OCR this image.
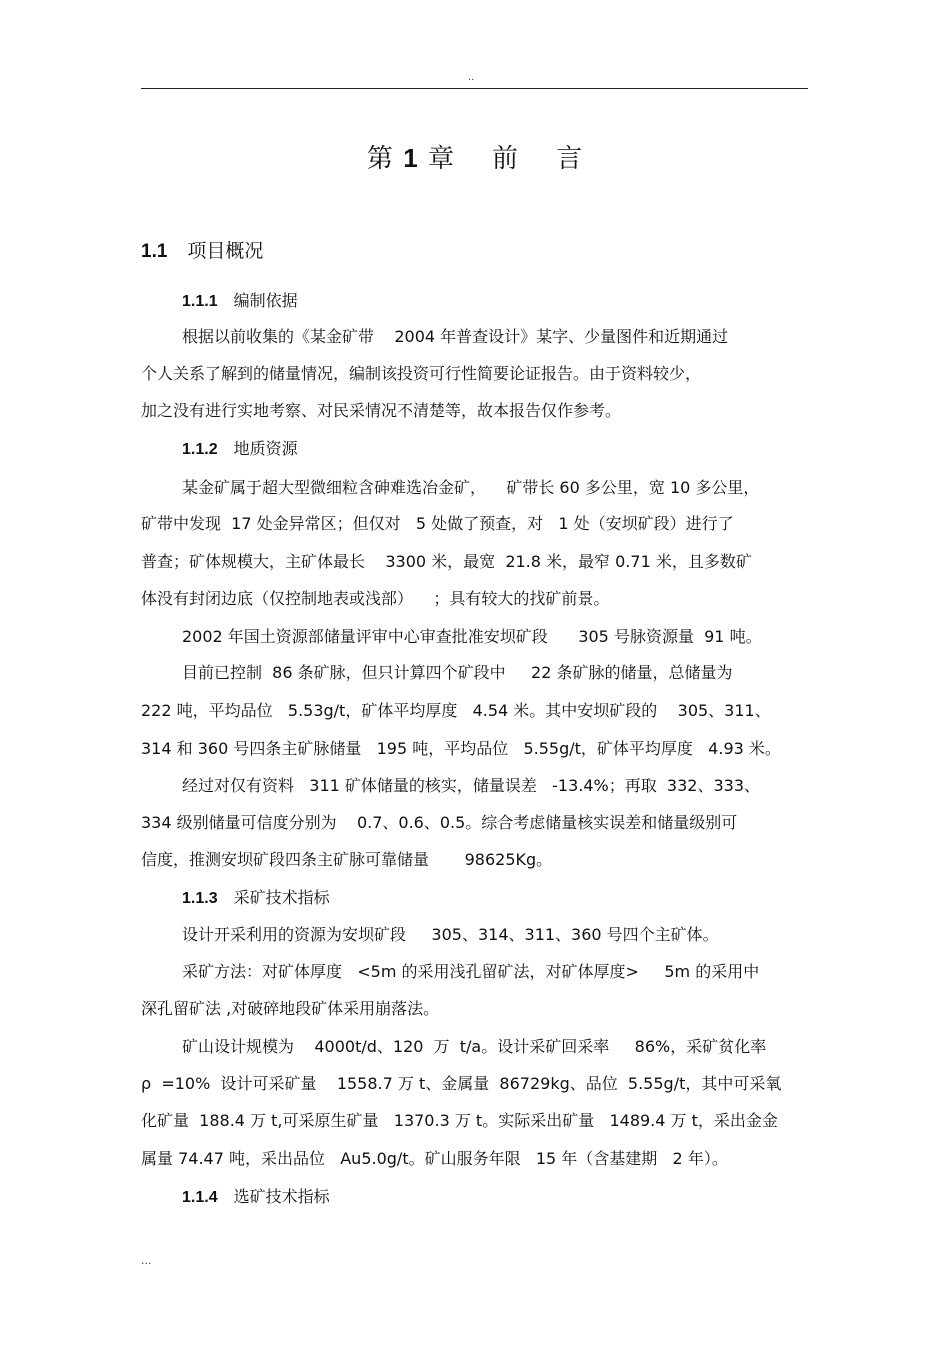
..
第 1 章 前    言
1.1 项目概况
1.1.1 编制依据
根据以前收集的《某金矿带    2004 年普查设计》某字、少量图件和近期通过
个人关系了解到的储量情况，编制该投资可行性简要论证报告。由于资料较少，
加之没有进行实地考察、对民采情况不清楚等，故本报告仅作参考。
1.1.2 地质资源
某金矿属于超大型微细粒含砷难选冶金矿，    矿带长 60 多公里，宽 10 多公里，
矿带中发现  17 处金异常区；但仅对   5 处做了预查，对   1 处（安坝矿段）进行了
普查；矿体规模大，主矿体最长    3300 米，最宽  21.8 米，最窄 0.71 米，且多数矿
体没有封闭边底（仅控制地表或浅部）    ；具有较大的找矿前景。
2002 年国土资源部储量评审中心审查批准安坝矿段      305 号脉资源量  91 吨。
目前已控制  86 条矿脉，但只计算四个矿段中     22 条矿脉的储量，总储量为
222 吨，平均品位   5.53g/t，矿体平均厚度   4.54 米。其中安坝矿段的    305、311、
314 和 360 号四条主矿脉储量   195 吨，平均品位   5.55g/t，矿体平均厚度   4.93 米。
经过对仅有资料   311 矿体储量的核实，储量误差   -13.4%；再取  332、333、
334 级别储量可信度分别为    0.7、0.6、0.5。综合考虑储量核实误差和储量级别可
信度，推测安坝矿段四条主矿脉可靠储量       98625Kg。
1.1.3 采矿技术指标
设计开采利用的资源为安坝矿段     305、314、311、360 号四个主矿体。
采矿方法：对矿体厚度   <5m 的采用浅孔留矿法，对矿体厚度>     5m 的采用中
深孔留矿法 ,对破碎地段矿体采用崩落法。
矿山设计规模为    4000t/d、120  万  t/a。设计采矿回采率     86%，采矿贫化率
ρ  =10%  设计可采矿量    1558.7 万 t、金属量  86729kg、品位  5.55g/t，其中可采氧
化矿量  188.4 万 t,可采原生矿量   1370.3 万 t。实际采出矿量   1489.4 万 t，采出金金
属量 74.47 吨，采出品位   Au5.0g/t。矿山服务年限   15 年（含基建期   2 年）。
1.1.4 选矿技术指标
...
